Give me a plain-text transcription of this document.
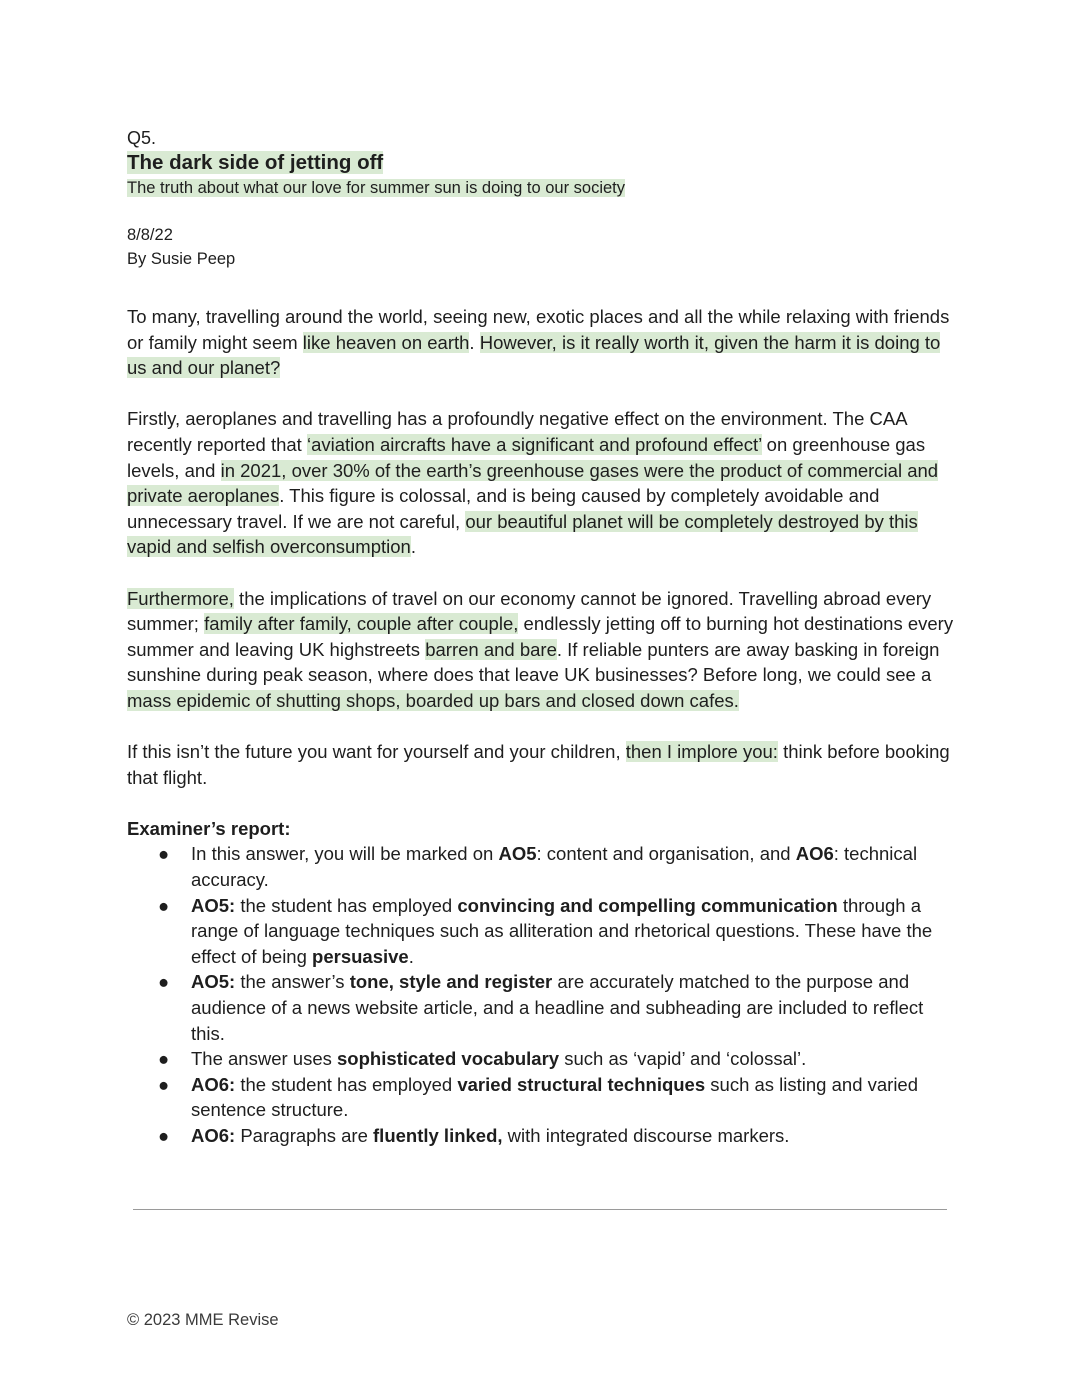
Q5.

The dark side of jetting off

The truth about what our love for summer sun is doing to our society

8/8/22
By Susie Peep

To many, travelling around the world, seeing new, exotic places and all the while relaxing with friends or family might seem like heaven on earth. However, is it really worth it, given the harm it is doing to us and our planet?

Firstly, aeroplanes and travelling has a profoundly negative effect on the environment. The CAA recently reported that ‘aviation aircrafts have a significant and profound effect’ on greenhouse gas levels, and in 2021, over 30% of the earth’s greenhouse gases were the product of commercial and private aeroplanes. This figure is colossal, and is being caused by completely avoidable and unnecessary travel. If we are not careful, our beautiful planet will be completely destroyed by this vapid and selfish overconsumption.

Furthermore, the implications of travel on our economy cannot be ignored. Travelling abroad every summer; family after family, couple after couple, endlessly jetting off to burning hot destinations every summer and leaving UK highstreets barren and bare. If reliable punters are away basking in foreign sunshine during peak season, where does that leave UK businesses? Before long, we could see a mass epidemic of shutting shops, boarded up bars and closed down cafes.

If this isn’t the future you want for yourself and your children, then I implore you: think before booking that flight.

Examiner’s report:
● In this answer, you will be marked on AO5: content and organisation, and AO6: technical accuracy.
● AO5: the student has employed convincing and compelling communication through a range of language techniques such as alliteration and rhetorical questions. These have the effect of being persuasive.
● AO5: the answer’s tone, style and register are accurately matched to the purpose and audience of a news website article, and a headline and subheading are included to reflect this.
● The answer uses sophisticated vocabulary such as ‘vapid’ and ‘colossal’.
● AO6: the student has employed varied structural techniques such as listing and varied sentence structure.
● AO6: Paragraphs are fluently linked, with integrated discourse markers.
© 2023 MME Revise
